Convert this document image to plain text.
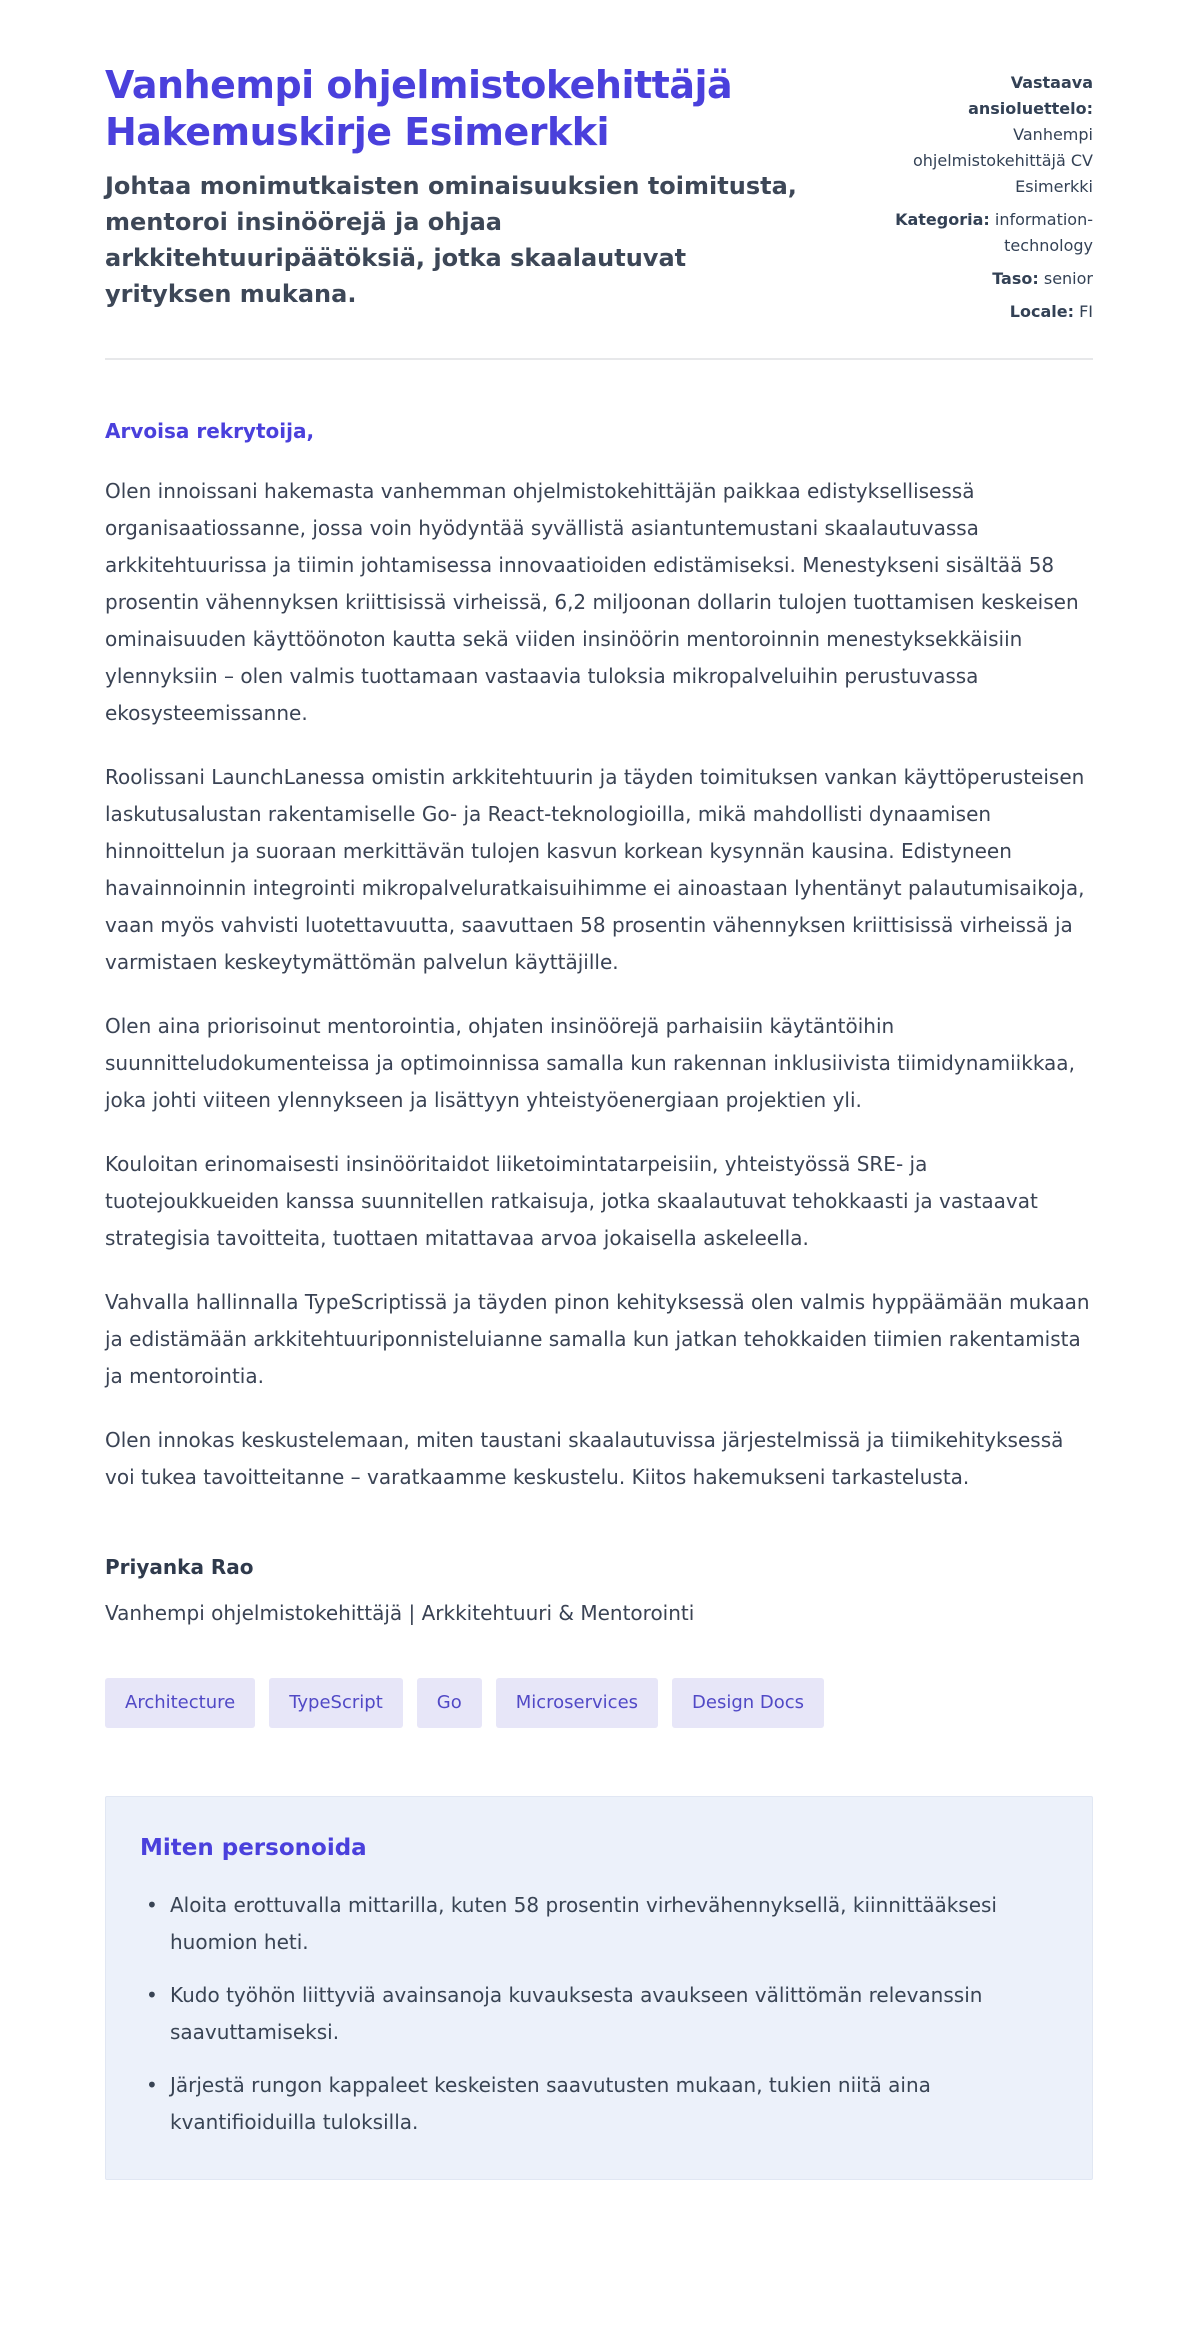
Vanhempi ohjelmistokehittäjä Hakemuskirje Esimerkki
Johtaa monimutkaisten ominaisuuksien toimitusta, mentoroi insinöörejä ja ohjaa arkkitehtuuripäätöksiä, jotka skaalautuvat yrityksen mukana.
Vastaava ansioluettelo: Vanhempi ohjelmistokehittäjä CV Esimerkki
Kategoria: information-technology
Taso: senior
Locale: FI
Arvoisa rekrytoija,

Olen innoissani hakemasta vanhemman ohjelmistokehittäjän paikkaa edistyksellisessä organisaatiossanne, jossa voin hyödyntää syvällistä asiantuntemustani skaalautuvassa arkkitehtuurissa ja tiimin johtamisessa innovaatioiden edistämiseksi. Menestykseni sisältää 58 prosentin vähennyksen kriittisissä virheissä, 6,2 miljoonan dollarin tulojen tuottamisen keskeisen ominaisuuden käyttöönoton kautta sekä viiden insinöörin mentoroinnin menestyksekkäisiin ylennyksiin – olen valmis tuottamaan vastaavia tuloksia mikropalveluihin perustuvassa ekosysteemissanne.

Roolissani LaunchLanessa omistin arkkitehtuurin ja täyden toimituksen vankan käyttöperusteisen laskutusalustan rakentamiselle Go- ja React-teknologioilla, mikä mahdollisti dynaamisen hinnoittelun ja suoraan merkittävän tulojen kasvun korkean kysynnän kausina. Edistyneen havainnoinnin integrointi mikropalveluratkaisuihimme ei ainoastaan lyhentänyt palautumisaikoja, vaan myös vahvisti luotettavuutta, saavuttaen 58 prosentin vähennyksen kriittisissä virheissä ja varmistaen keskeytymättömän palvelun käyttäjille.

Olen aina priorisoinut mentorointia, ohjaten insinöörejä parhaisiin käytäntöihin suunnitteludokumenteissa ja optimoinnissa samalla kun rakennan inklusiivista tiimidynamiikkaa, joka johti viiteen ylennykseen ja lisättyyn yhteistyöenergiaan projektien yli.

Kouloitan erinomaisesti insinööritaidot liiketoimintatarpeisiin, yhteistyössä SRE- ja tuotejoukkueiden kanssa suunnitellen ratkaisuja, jotka skaalautuvat tehokkaasti ja vastaavat strategisia tavoitteita, tuottaen mitattavaa arvoa jokaisella askeleella.

Vahvalla hallinnalla TypeScriptissä ja täyden pinon kehityksessä olen valmis hyppäämään mukaan ja edistämään arkkitehtuuriponnisteluianne samalla kun jatkan tehokkaiden tiimien rakentamista ja mentorointia.

Olen innokas keskustelemaan, miten taustani skaalautuvissa järjestelmissä ja tiimikehityksessä voi tukea tavoitteitanne – varatkaamme keskustelu. Kiitos hakemukseni tarkastelusta.

Priyanka Rao
Vanhempi ohjelmistokehittäjä | Arkkitehtuuri & Mentorointi
Architecture	TypeScript	Go	Microservices	Design Docs
Miten personoida
• Aloita erottuvalla mittarilla, kuten 58 prosentin virhevähennyksellä, kiinnittääksesi huomion heti.
• Kudo työhön liittyviä avainsanoja kuvauksesta avaukseen välittömän relevanssin saavuttamiseksi.
• Järjestä rungon kappaleet keskeisten saavutusten mukaan, tukien niitä aina kvantifioiduilla tuloksilla.
